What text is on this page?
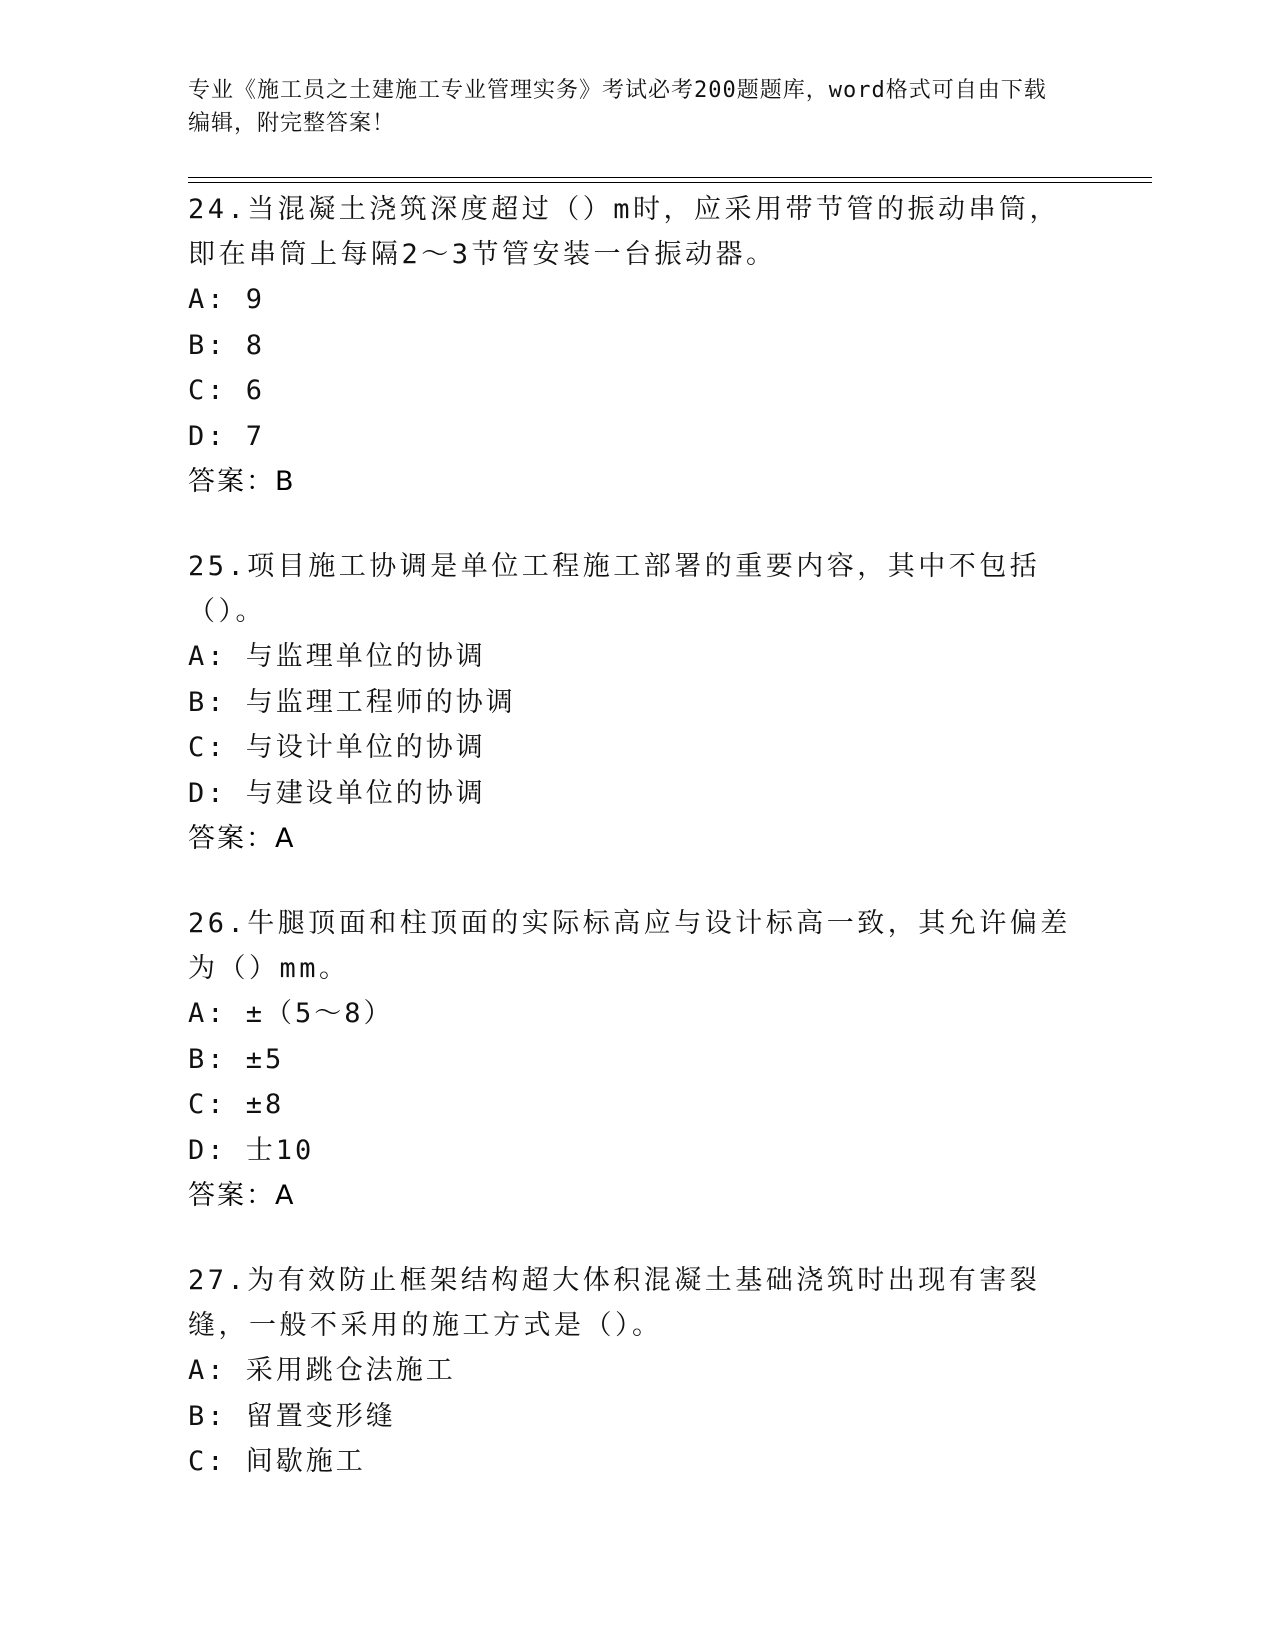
专业《施工员之土建施工专业管理实务》考试必考200题题库，word格式可自由下载编辑，附完整答案！

24.当混凝土浇筑深度超过（）m时，应采用带节管的振动串筒，即在串筒上每隔2～3节管安装一台振动器。

A: 9

B: 8

C: 6

D: 7

答案：B

25.项目施工协调是单位工程施工部署的重要内容，其中不包括（）。

A: 与监理单位的协调

B: 与监理工程师的协调

C: 与设计单位的协调

D: 与建设单位的协调

答案：A

26.牛腿顶面和柱顶面的实际标高应与设计标高一致，其允许偏差为（）mm。

A: ±（5～8）

B: ±5

C: ±8

D: 士10

答案：A

27.为有效防止框架结构超大体积混凝土基础浇筑时出现有害裂缝，一般不采用的施工方式是（）。

A: 采用跳仓法施工

B: 留置变形缝

C: 间歇施工
